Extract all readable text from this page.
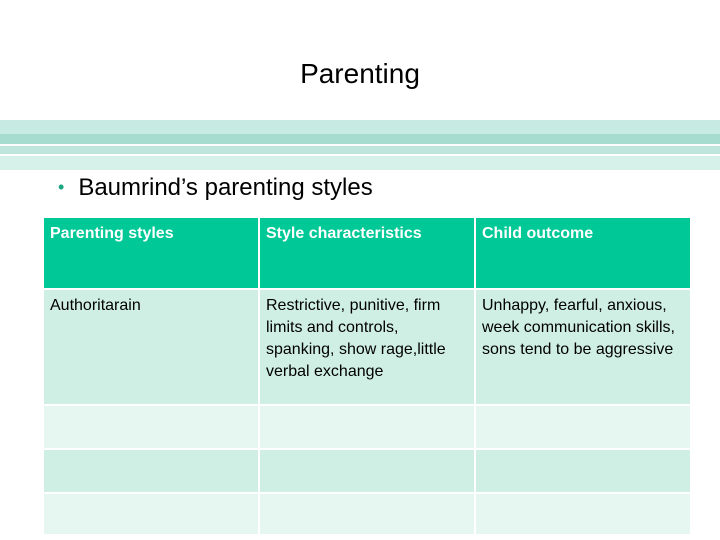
Parenting
• Baumrind’s parenting styles
Parenting styles	Style characteristics	Child outcome
Authoritarain	Restrictive, punitive, firm limits and controls, spanking, show rage,little verbal exchange	Unhappy, fearful, anxious, week communication skills, sons tend to be aggressive
